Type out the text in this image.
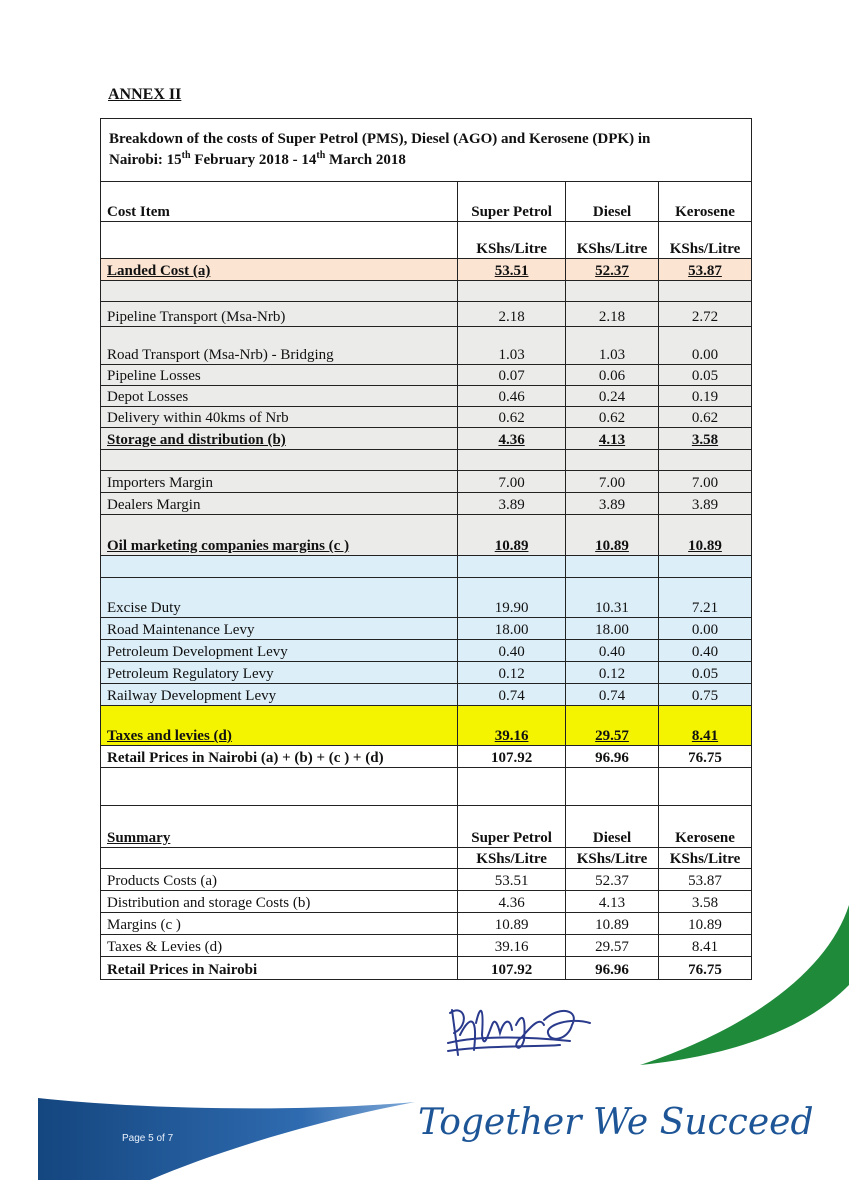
ANNEX II
Breakdown of the costs of Super Petrol (PMS), Diesel (AGO) and Kerosene (DPK) in
Nairobi: 15th February 2018 - 14th March 2018			
Cost Item	Super Petrol	Diesel	Kerosene
	KShs/Litre	KShs/Litre	KShs/Litre
Landed Cost (a)	53.51	52.37	53.87

Pipeline Transport (Msa-Nrb)	2.18	2.18	2.72
Road Transport (Msa-Nrb) - Bridging	1.03	1.03	0.00
Pipeline Losses	0.07	0.06	0.05
Depot Losses	0.46	0.24	0.19
Delivery within 40kms of Nrb	0.62	0.62	0.62
Storage and distribution (b)	4.36	4.13	3.58

Importers Margin	7.00	7.00	7.00
Dealers Margin	3.89	3.89	3.89
Oil marketing companies margins (c )	10.89	10.89	10.89

Excise Duty	19.90	10.31	7.21
Road Maintenance Levy	18.00	18.00	0.00
Petroleum Development Levy	0.40	0.40	0.40
Petroleum Regulatory Levy	0.12	0.12	0.05
Railway Development Levy	0.74	0.74	0.75
Taxes and levies (d)	39.16	29.57	8.41
Retail Prices in Nairobi (a) + (b) + (c ) + (d)	107.92	96.96	76.75

Summary	Super Petrol	Diesel	Kerosene
	KShs/Litre	KShs/Litre	KShs/Litre
Products Costs (a)	53.51	52.37	53.87
Distribution and storage Costs (b)	4.36	4.13	3.58
Margins (c )	10.89	10.89	10.89
Taxes & Levies (d)	39.16	29.57	8.41
Retail Prices in Nairobi	107.92	96.96	76.75
Page 5 of 7	Together We Succeed
